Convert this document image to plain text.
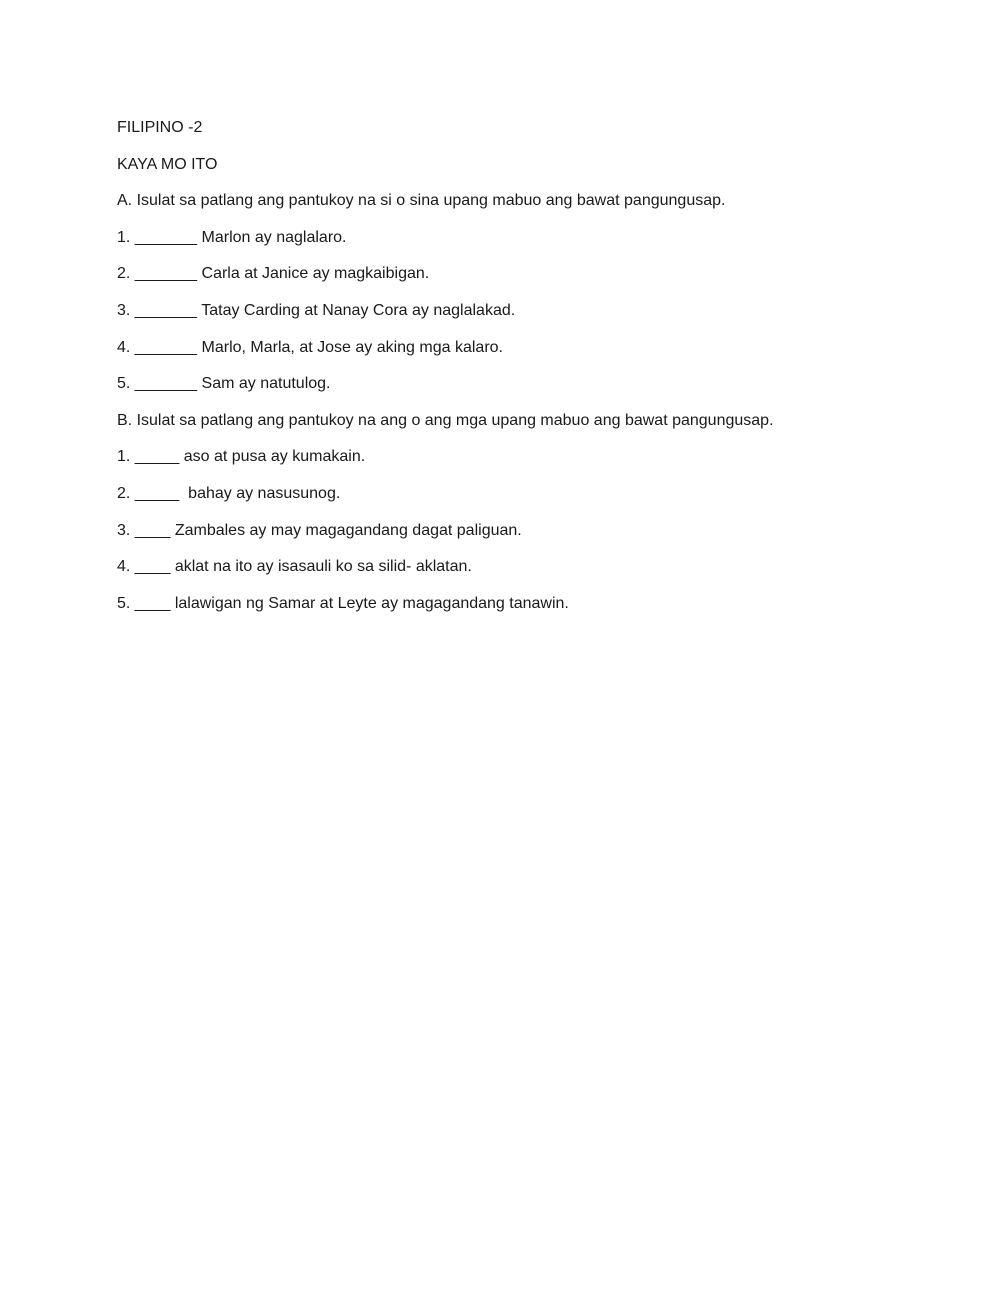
FILIPINO -2
KAYA MO ITO
A. Isulat sa patlang ang pantukoy na si o sina upang mabuo ang bawat pangungusap.
1. _______ Marlon ay naglalaro.
2. _______ Carla at Janice ay magkaibigan.
3. _______ Tatay Carding at Nanay Cora ay naglalakad.
4. _______ Marlo, Marla, at Jose ay aking mga kalaro.
5. _______ Sam ay natutulog.
B. Isulat sa patlang ang pantukoy na ang o ang mga upang mabuo ang bawat pangungusap.
1. _____ aso at pusa ay kumakain.
2. _____  bahay ay nasusunog.
3. ____ Zambales ay may magagandang dagat paliguan.
4. ____ aklat na ito ay isasauli ko sa silid- aklatan.
5. ____ lalawigan ng Samar at Leyte ay magagandang tanawin.
